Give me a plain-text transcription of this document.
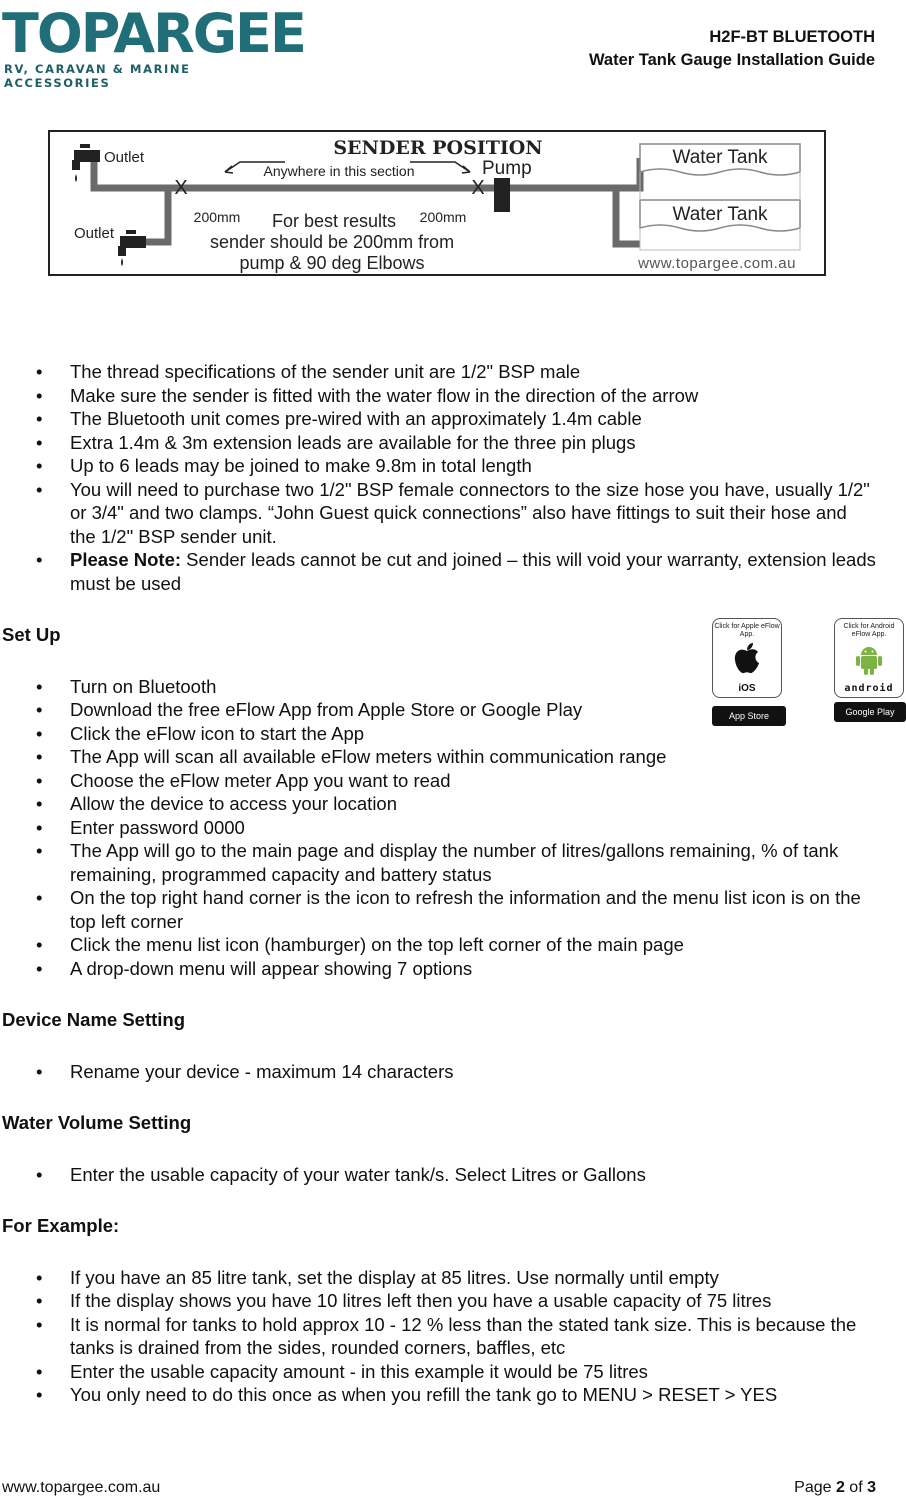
TOPARGEE
RV, CARAVAN & MARINE ACCESSORIES
H2F-BT BLUETOOTH
Water Tank Gauge Installation Guide
SENDER POSITION
Outlet
Outlet
Anywhere in this section	Pump
X	X
200mm	200mm
For best results
sender should be 200mm from
pump & 90 deg Elbows
Water Tank
Water Tank
www.topargee.com.au
• The thread specifications of the sender unit are 1/2" BSP male
• Make sure the sender is fitted with the water flow in the direction of the arrow
• The Bluetooth unit comes pre-wired with an approximately 1.4m cable
• Extra 1.4m & 3m extension leads are available for the three pin plugs
• Up to 6 leads may be joined to make 9.8m in total length
• You will need to purchase two 1/2" BSP female connectors to the size hose you have, usually 1/2" or 3/4" and two clamps. “John Guest quick connections” also have fittings to suit their hose and the 1/2" BSP sender unit.
• Please Note: Sender leads cannot be cut and joined – this will void your warranty, extension leads must be used

Set Up

• Turn on Bluetooth
• Download the free eFlow App from Apple Store or Google Play
• Click the eFlow icon to start the App
• The App will scan all available eFlow meters within communication range
• Choose the eFlow meter App you want to read
• Allow the device to access your location
• Enter password 0000
• The App will go to the main page and display the number of litres/gallons remaining, % of tank remaining, programmed capacity and battery status
• On the top right hand corner is the icon to refresh the information and the menu list icon is on the top left corner
• Click the menu list icon (hamburger) on the top left corner of the main page
• A drop-down menu will appear showing 7 options

Device Name Setting

• Rename your device - maximum 14 characters

Water Volume Setting

• Enter the usable capacity of your water tank/s. Select Litres or Gallons

For Example:

• If you have an 85 litre tank, set the display at 85 litres. Use normally until empty
• If the display shows you have 10 litres left then you have a usable capacity of 75 litres
• It is normal for tanks to hold approx 10 - 12 % less than the stated tank size. This is because the tanks is drained from the sides, rounded corners, baffles, etc
• Enter the usable capacity amount - in this example it would be 75 litres
• You only need to do this once as when you refill the tank go to MENU > RESET > YES
Click for Apple eFlow App.
iOS
App Store
Click for Android eFlow App.
android
Google Play
www.topargee.com.au	Page 2 of 3
